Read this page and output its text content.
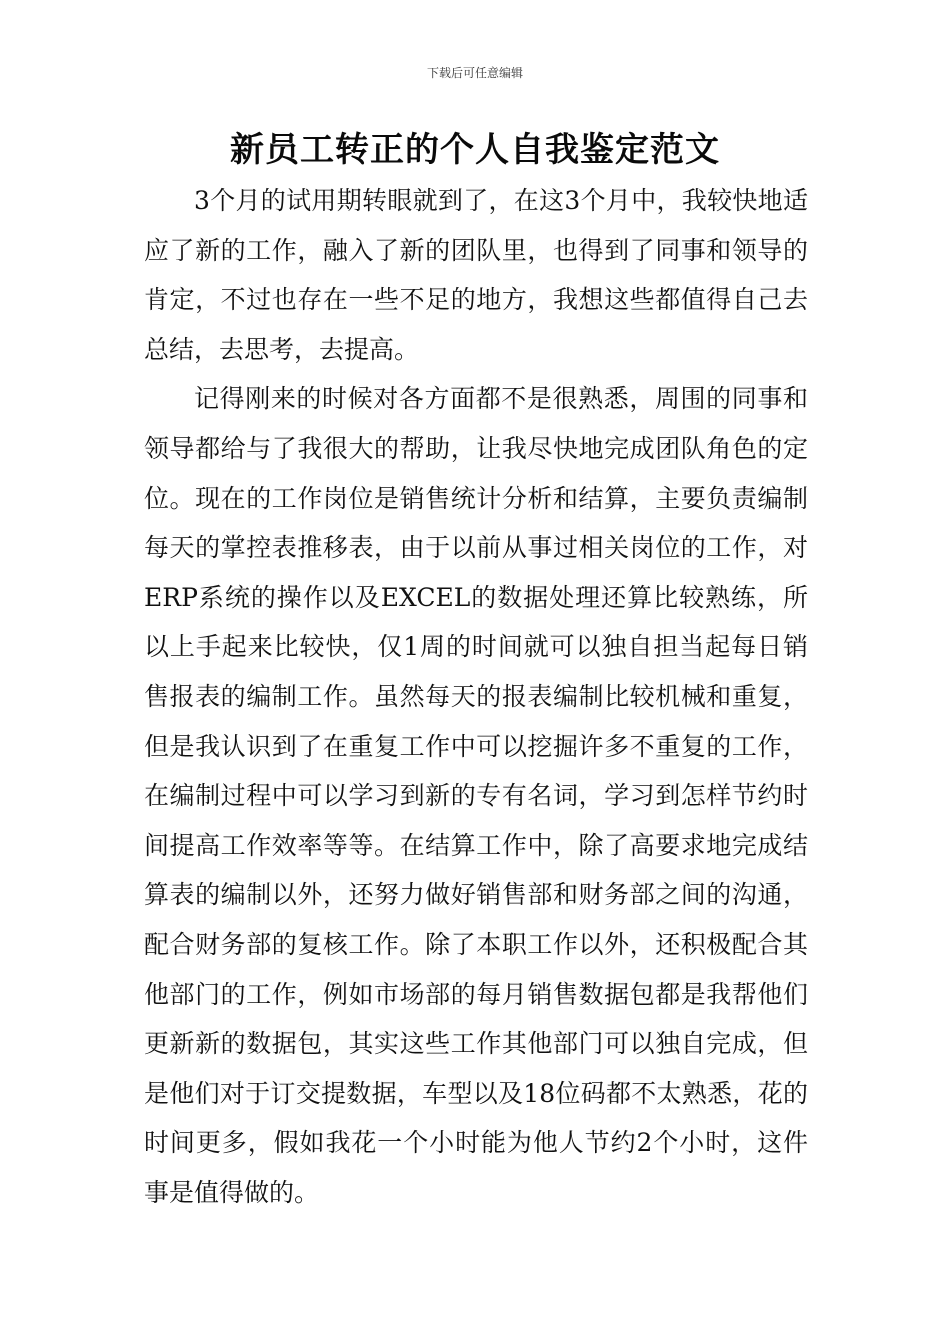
下载后可任意编辑
新员工转正的个人自我鉴定范文

3个月的试用期转眼就到了，在这3个月中，我较快地适应了新的工作，融入了新的团队里，也得到了同事和领导的肯定，不过也存在一些不足的地方，我想这些都值得自己去总结，去思考，去提高。

记得刚来的时候对各方面都不是很熟悉，周围的同事和领导都给与了我很大的帮助，让我尽快地完成团队角色的定位。现在的工作岗位是销售统计分析和结算，主要负责编制每天的掌控表推移表，由于以前从事过相关岗位的工作，对ERP系统的操作以及EXCEL的数据处理还算比较熟练，所以上手起来比较快，仅1周的时间就可以独自担当起每日销售报表的编制工作。虽然每天的报表编制比较机械和重复，但是我认识到了在重复工作中可以挖掘许多不重复的工作，在编制过程中可以学习到新的专有名词，学习到怎样节约时间提高工作效率等等。在结算工作中，除了高要求地完成结算表的编制以外，还努力做好销售部和财务部之间的沟通，配合财务部的复核工作。除了本职工作以外，还积极配合其他部门的工作，例如市场部的每月销售数据包都是我帮他们更新新的数据包，其实这些工作其他部门可以独自完成，但是他们对于订交提数据，车型以及18位码都不太熟悉，花的时间更多，假如我花一个小时能为他人节约2个小时，这件事是值得做的。
